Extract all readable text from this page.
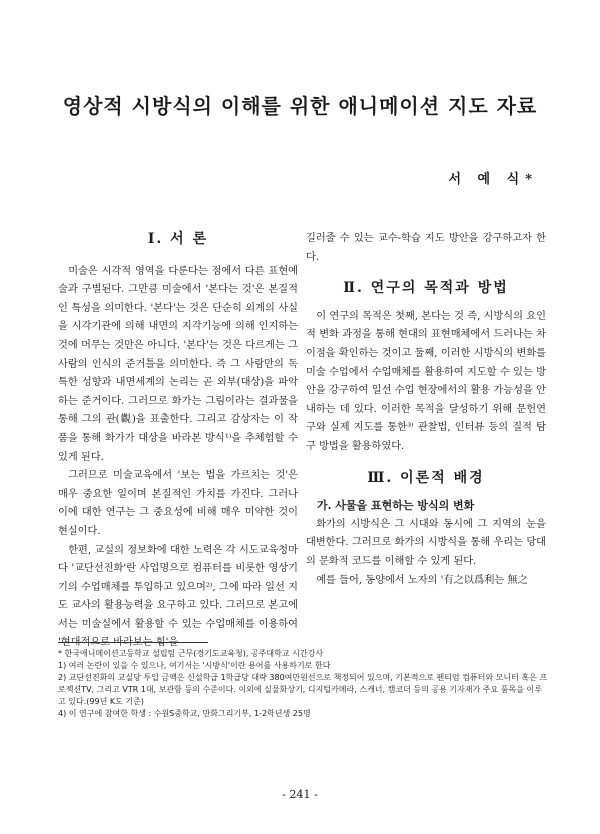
영상적 시방식의 이해를 위한 애니메이션 지도 자료
서 예 식*
I. 서 론

미술은 시각적 영역을 다룬다는 점에서 다른 표현예술과 구별된다. 그만큼 미술에서 '본다는 것'은 본질적인 특성을 의미한다. '본다'는 것은 단순히 외계의 사실을 시각기관에 의해 내면의 지각기능에 의해 인지하는 것에 머무는 것만은 아니다. '본다'는 것은 다르게는 그 사람의 인식의 준거틀을 의미한다. 즉 그 사람만의 독특한 성향과 내면세계의 논리는 곧 외부(대상)을 파악하는 준거이다. 그러므로 화가는 그림이라는 결과물을 통해 그의 관(觀)을 표출한다. 그리고 감상자는 이 작품을 통해 화가가 대상을 바라본 방식¹⁾을 추체험할 수 있게 된다.

그러므로 미술교육에서 '보는 법을 가르치는 것'은 매우 중요한 일이며 본질적인 가치를 가진다. 그러나 이에 대한 연구는 그 중요성에 비해 매우 미약한 것이 현실이다.

한편, 교실의 정보화에 대한 노력은 각 시도교육청마다 '교단선진화'란 사업명으로 컴퓨터를 비롯한 영상기기의 수업매체를 투입하고 있으며²⁾, 그에 따라 일선 지도 교사의 활용능력을 요구하고 있다. 그러므로 본고에서는 미술실에서 활용할 수 있는 수업매체를 이용하여 '현대적으로 바라보는 힘'을

길러줄 수 있는 교수-학습 지도 방안을 강구하고자 한다.

Ⅱ. 연구의 목적과 방법

이 연구의 목적은 첫째, 본다는 것 즉, 시방식의 요인적 변화 과정을 통해 현대의 표현매체에서 드러나는 차이점을 확인하는 것이고 둘째, 이러한 시방식의 변화를 미술 수업에서 수업매체를 활용하여 지도할 수 있는 방안을 강구하여 일선 수업 현장에서의 활용 가능성을 안내하는 데 있다. 이러한 목적을 달성하기 위해 문헌연구와 실제 지도를 통한³⁾ 관찰법, 인터뷰 등의 질적 탐구 방법을 활용하였다.

Ⅲ. 이론적 배경

가. 사물을 표현하는 방식의 변화

화가의 시방식은 그 시대와 동시에 그 지역의 눈을 대변한다. 그러므로 화가의 시방식을 통해 우리는 당대의 문화적 코드를 이해할 수 있게 된다.

예를 들어, 동양에서 노자의 '有之以爲利는 無之

* 한국애니메이션고등학교 설립팀 근무(경기도교육청), 공주대학교 시간강사
1) 여러 논란이 있을 수 있으나, 여기서는 '시방식'이란 용어를 사용하기로 한다
2) 교단선진화의 교실당 투입 금액은 신설학급 1학급당 대략 380여만원선으로 책정되어 있으며, 기본적으로 펜티엄 컴퓨터와 모니터 혹은 프로젝션TV, 그리고 VTR 1대, 보관함 등의 수준이다. 이외에 실물화상기, 디지털카메라, 스캐너, 캠코더 등의 공용 기자재가 주요 품목을 이루고 있다.(99년 K도 기준)
4) 이 연구에 참여한 학생 : 수원S중학교, 만화그리기부, 1-2학년생 25명
- 241 -
